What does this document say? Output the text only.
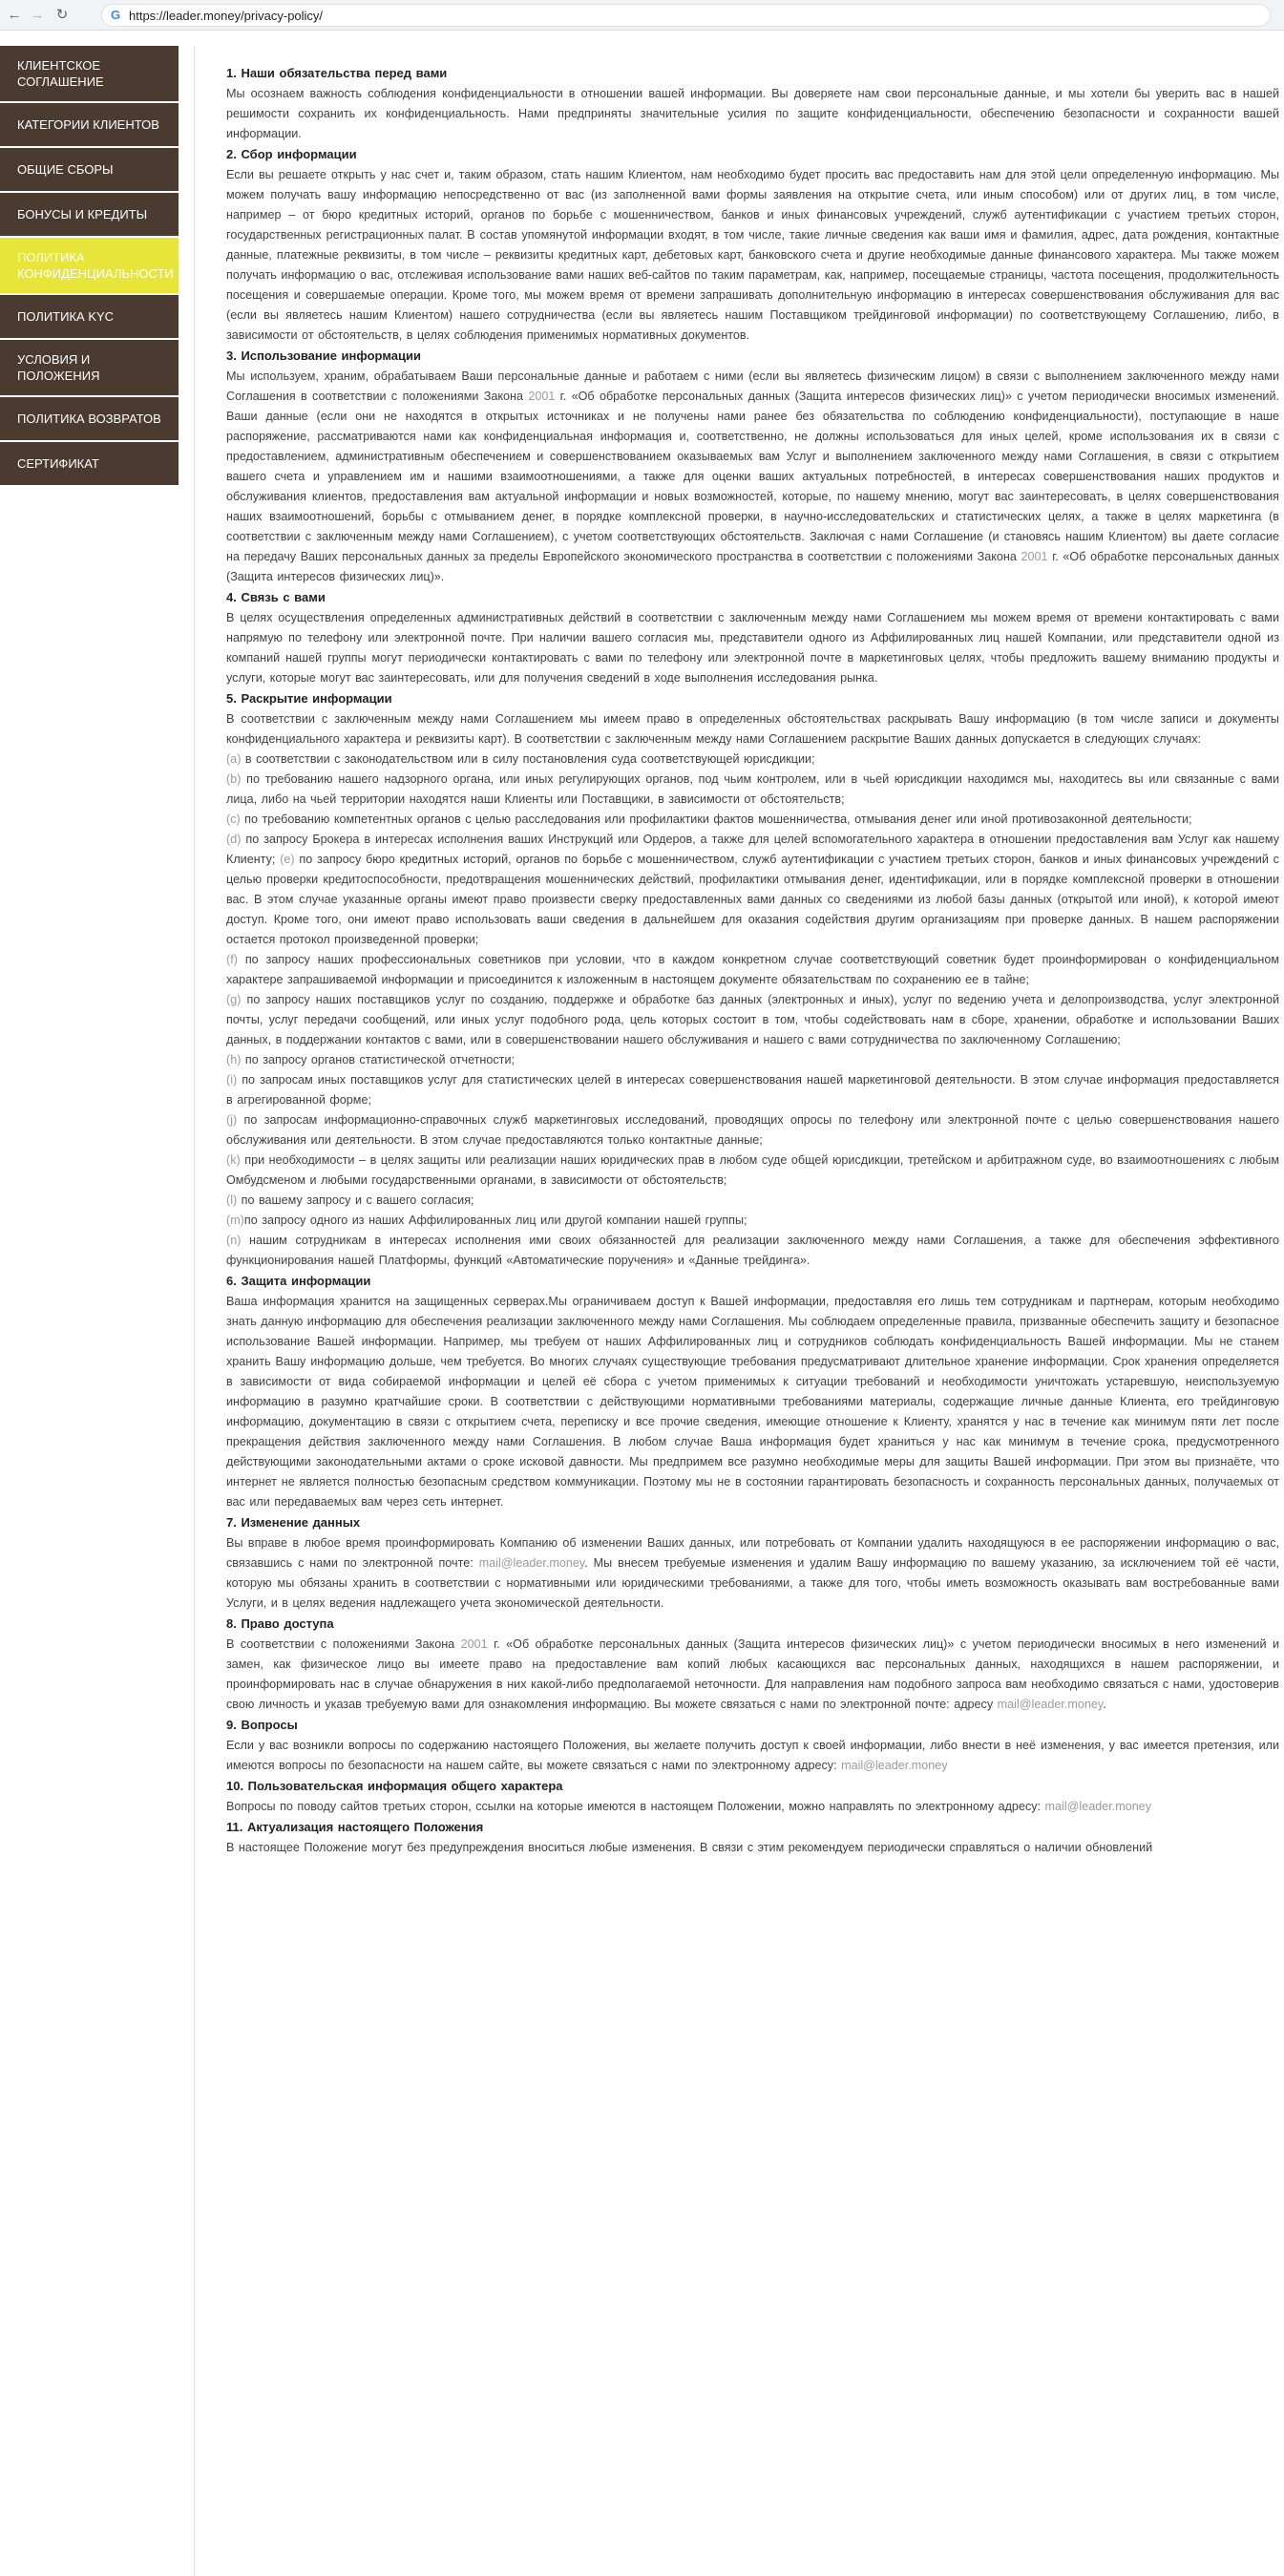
← → ↻	G https://leader.money/privacy-policy/
КЛИЕНТСКОЕ СОГЛАШЕНИЕ
КАТЕГОРИИ КЛИЕНТОВ
ОБЩИЕ СБОРЫ
БОНУСЫ И КРЕДИТЫ
ПОЛИТИКА КОНФИДЕНЦИАЛЬНОСТИ
ПОЛИТИКА KYC
УСЛОВИЯ И ПОЛОЖЕНИЯ
ПОЛИТИКА ВОЗВРАТОВ
СЕРТИФИКАТ
1. Наши обязательства перед вами

Мы осознаем важность соблюдения конфиденциальности в отношении вашей информации. Вы доверяете нам свои персональные данные, и мы хотели бы уверить вас в нашей решимости сохранить их конфиденциальность. Нами предприняты значительные усилия по защите конфиденциальности, обеспечению безопасности и сохранности вашей информации.

2. Сбор информации

Если вы решаете открыть у нас счет и, таким образом, стать нашим Клиентом, нам необходимо будет просить вас предоставить нам для этой цели определенную информацию. Мы можем получать вашу информацию непосредственно от вас (из заполненной вами формы заявления на открытие счета, или иным способом) или от других лиц, в том числе, например – от бюро кредитных историй, органов по борьбе с мошенничеством, банков и иных финансовых учреждений, служб аутентификации с участием третьих сторон, государственных регистрационных палат. В состав упомянутой информации входят, в том числе, такие личные сведения как ваши имя и фамилия, адрес, дата рождения, контактные данные, платежные реквизиты, в том числе – реквизиты кредитных карт, дебетовых карт, банковского счета и другие необходимые данные финансового характера. Мы также можем получать информацию о вас, отслеживая использование вами наших веб-сайтов по таким параметрам, как, например, посещаемые страницы, частота посещения, продолжительность посещения и совершаемые операции. Кроме того, мы можем время от времени запрашивать дополнительную информацию в интересах совершенствования обслуживания для вас (если вы являетесь нашим Клиентом) нашего сотрудничества (если вы являетесь нашим Поставщиком трейдинговой информации) по соответствующему Соглашению, либо, в зависимости от обстоятельств, в целях соблюдения применимых нормативных документов.

3. Использование информации

Мы используем, храним, обрабатываем Ваши персональные данные и работаем с ними (если вы являетесь физическим лицом) в связи с выполнением заключенного между нами Соглашения в соответствии с положениями Закона 2001 г. «Об обработке персональных данных (Защита интересов физических лиц)» с учетом периодически вносимых изменений. Ваши данные (если они не находятся в открытых источниках и не получены нами ранее без обязательства по соблюдению конфиденциальности), поступающие в наше распоряжение, рассматриваются нами как конфиденциальная информация и, соответственно, не должны использоваться для иных целей, кроме использования их в связи с предоставлением, административным обеспечением и совершенствованием оказываемых вам Услуг и выполнением заключенного между нами Соглашения, в связи с открытием вашего счета и управлением им и нашими взаимоотношениями, а также для оценки ваших актуальных потребностей, в интересах совершенствования наших продуктов и обслуживания клиентов, предоставления вам актуальной информации и новых возможностей, которые, по нашему мнению, могут вас заинтересовать, в целях совершенствования наших взаимоотношений, борьбы с отмыванием денег, в порядке комплексной проверки, в научно-исследовательских и статистических целях, а также в целях маркетинга (в соответствии с заключенным между нами Соглашением), с учетом соответствующих обстоятельств. Заключая с нами Соглашение (и становясь нашим Клиентом) вы даете согласие на передачу Ваших персональных данных за пределы Европейского экономического пространства в соответствии с положениями Закона 2001 г. «Об обработке персональных данных (Защита интересов физических лиц)».

4. Связь с вами

В целях осуществления определенных административных действий в соответствии с заключенным между нами Соглашением мы можем время от времени контактировать с вами напрямую по телефону или электронной почте. При наличии вашего согласия мы, представители одного из Аффилированных лиц нашей Компании, или представители одной из компаний нашей группы могут периодически контактировать с вами по телефону или электронной почте в маркетинговых целях, чтобы предложить вашему вниманию продукты и услуги, которые могут вас заинтересовать, или для получения сведений в ходе выполнения исследования рынка.

5. Раскрытие информации

В соответствии с заключенным между нами Соглашением мы имеем право в определенных обстоятельствах раскрывать Вашу информацию (в том числе записи и документы конфиденциального характера и реквизиты карт). В соответствии с заключенным между нами Соглашением раскрытие Ваших данных допускается в следующих случаях:

(a) в соответствии с законодательством или в силу постановления суда соответствующей юрисдикции;

(b) по требованию нашего надзорного органа, или иных регулирующих органов, под чьим контролем, или в чьей юрисдикции находимся мы, находитесь вы или связанные с вами лица, либо на чьей территории находятся наши Клиенты или Поставщики, в зависимости от обстоятельств;

(c) по требованию компетентных органов с целью расследования или профилактики фактов мошенничества, отмывания денег или иной противозаконной деятельности;

(d) по запросу Брокера в интересах исполнения ваших Инструкций или Ордеров, а также для целей вспомогательного характера в отношении предоставления вам Услуг как нашему Клиенту; (e) по запросу бюро кредитных историй, органов по борьбе с мошенничеством, служб аутентификации с участием третьих сторон, банков и иных финансовых учреждений с целью проверки кредитоспособности, предотвращения мошеннических действий, профилактики отмывания денег, идентификации, или в порядке комплексной проверки в отношении вас. В этом случае указанные органы имеют право произвести сверку предоставленных вами данных со сведениями из любой базы данных (открытой или иной), к которой имеют доступ. Кроме того, они имеют право использовать ваши сведения в дальнейшем для оказания содействия другим организациям при проверке данных. В нашем распоряжении остается протокол произведенной проверки;

(f) по запросу наших профессиональных советников при условии, что в каждом конкретном случае соответствующий советник будет проинформирован о конфиденциальном характере запрашиваемой информации и присоединится к изложенным в настоящем документе обязательствам по сохранению ее в тайне;

(g) по запросу наших поставщиков услуг по созданию, поддержке и обработке баз данных (электронных и иных), услуг по ведению учета и делопроизводства, услуг электронной почты, услуг передачи сообщений, или иных услуг подобного рода, цель которых состоит в том, чтобы содействовать нам в сборе, хранении, обработке и использовании Ваших данных, в поддержании контактов с вами, или в совершенствовании нашего обслуживания и нашего с вами сотрудничества по заключенному Соглашению;

(h) по запросу органов статистической отчетности;

(i) по запросам иных поставщиков услуг для статистических целей в интересах совершенствования нашей маркетинговой деятельности. В этом случае информация предоставляется в агрегированной форме;

(j) по запросам информационно-справочных служб маркетинговых исследований, проводящих опросы по телефону или электронной почте с целью совершенствования нашего обслуживания или деятельности. В этом случае предоставляются только контактные данные;

(k) при необходимости – в целях защиты или реализации наших юридических прав в любом суде общей юрисдикции, третейском и арбитражном суде, во взаимоотношениях с любым Омбудсменом и любыми государственными органами, в зависимости от обстоятельств;

(l) по вашему запросу и с вашего согласия;

(m)по запросу одного из наших Аффилированных лиц или другой компании нашей группы;

(n) нашим сотрудникам в интересах исполнения ими своих обязанностей для реализации заключенного между нами Соглашения, а также для обеспечения эффективного функционирования нашей Платформы, функций «Автоматические поручения» и «Данные трейдинга».

6. Защита информации

Ваша информация хранится на защищенных серверах.Мы ограничиваем доступ к Вашей информации, предоставляя его лишь тем сотрудникам и партнерам, которым необходимо знать данную информацию для обеспечения реализации заключенного между нами Соглашения. Мы соблюдаем определенные правила, призванные обеспечить защиту и безопасное использование Вашей информации. Например, мы требуем от наших Аффилированных лиц и сотрудников соблюдать конфиденциальность Вашей информации. Мы не станем хранить Вашу информацию дольше, чем требуется. Во многих случаях существующие требования предусматривают длительное хранение информации. Срок хранения определяется в зависимости от вида собираемой информации и целей её сбора с учетом применимых к ситуации требований и необходимости уничтожать устаревшую, неиспользуемую информацию в разумно кратчайшие сроки. В соответствии с действующими нормативными требованиями материалы, содержащие личные данные Клиента, его трейдинговую информацию, документацию в связи с открытием счета, переписку и все прочие сведения, имеющие отношение к Клиенту, хранятся у нас в течение как минимум пяти лет после прекращения действия заключенного между нами Соглашения. В любом случае Ваша информация будет храниться у нас как минимум в течение срока, предусмотренного действующими законодательными актами о сроке исковой давности. Мы предпримем все разумно необходимые меры для защиты Вашей информации. При этом вы признаёте, что интернет не является полностью безопасным средством коммуникации. Поэтому мы не в состоянии гарантировать безопасность и сохранность персональных данных, получаемых от вас или передаваемых вам через сеть интернет.

7. Изменение данных

Вы вправе в любое время проинформировать Компанию об изменении Ваших данных, или потребовать от Компании удалить находящуюся в ее распоряжении информацию о вас, связавшись с нами по электронной почте: mail@leader.money. Мы внесем требуемые изменения и удалим Вашу информацию по вашему указанию, за исключением той её части, которую мы обязаны хранить в соответствии с нормативными или юридическими требованиями, а также для того, чтобы иметь возможность оказывать вам востребованные вами Услуги, и в целях ведения надлежащего учета экономической деятельности.

8. Право доступа

В соответствии с положениями Закона 2001 г. «Об обработке персональных данных (Защита интересов физических лиц)» с учетом периодически вносимых в него изменений и замен, как физическое лицо вы имеете право на предоставление вам копий любых касающихся вас персональных данных, находящихся в нашем распоряжении, и проинформировать нас в случае обнаружения в них какой-либо предполагаемой неточности. Для направления нам подобного запроса вам необходимо связаться с нами, удостоверив свою личность и указав требуемую вами для ознакомления информацию. Вы можете связаться с нами по электронной почте: адресу mail@leader.money.

9. Вопросы

Если у вас возникли вопросы по содержанию настоящего Положения, вы желаете получить доступ к своей информации, либо внести в неё изменения, у вас имеется претензия, или имеются вопросы по безопасности на нашем сайте, вы можете связаться с нами по электронному адресу: mail@leader.money

10. Пользовательская информация общего характера

Вопросы по поводу сайтов третьих сторон, ссылки на которые имеются в настоящем Положении, можно направлять по электронному адресу: mail@leader.money

11. Актуализация настоящего Положения

В настоящее Положение могут без предупреждения вноситься любые изменения. В связи с этим рекомендуем периодически справляться о наличии обновлений
